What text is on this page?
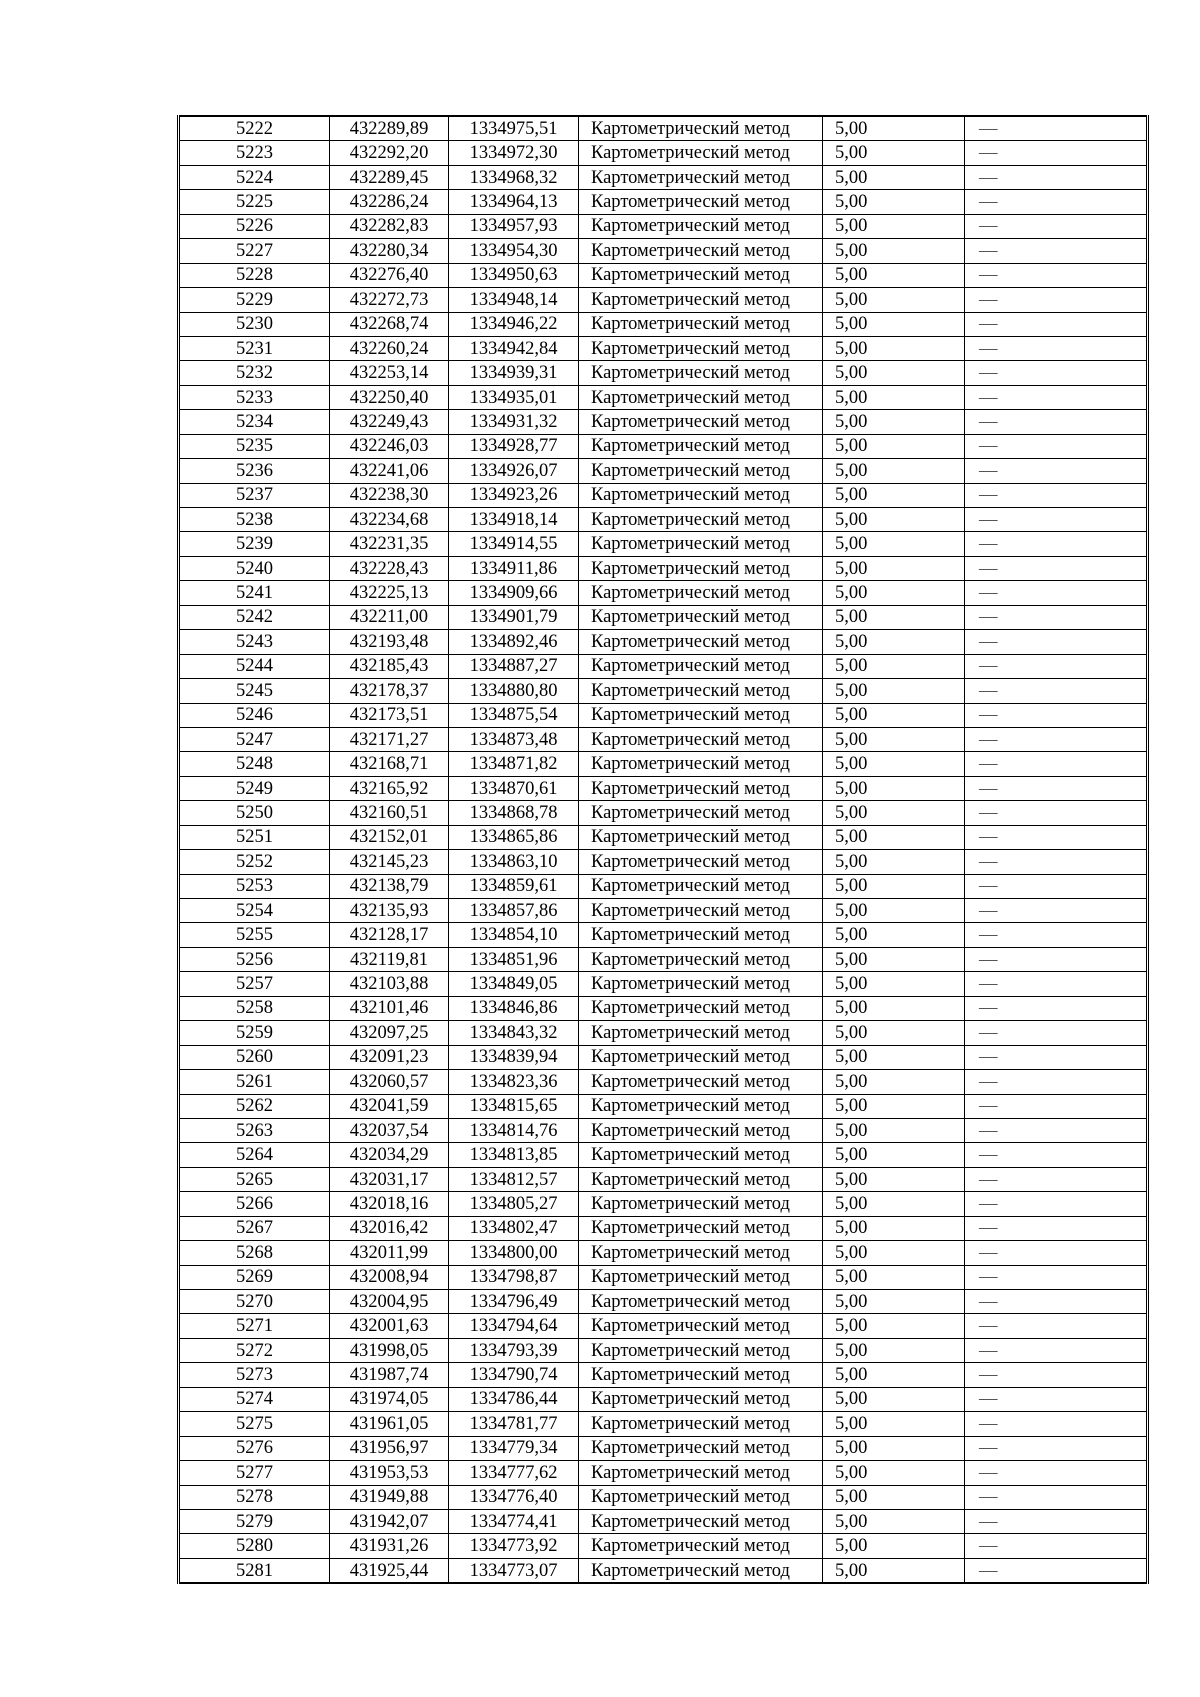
5222	432289,89	1334975,51	Картометрический метод	5,00	—
5223	432292,20	1334972,30	Картометрический метод	5,00	—
5224	432289,45	1334968,32	Картометрический метод	5,00	—
5225	432286,24	1334964,13	Картометрический метод	5,00	—
5226	432282,83	1334957,93	Картометрический метод	5,00	—
5227	432280,34	1334954,30	Картометрический метод	5,00	—
5228	432276,40	1334950,63	Картометрический метод	5,00	—
5229	432272,73	1334948,14	Картометрический метод	5,00	—
5230	432268,74	1334946,22	Картометрический метод	5,00	—
5231	432260,24	1334942,84	Картометрический метод	5,00	—
5232	432253,14	1334939,31	Картометрический метод	5,00	—
5233	432250,40	1334935,01	Картометрический метод	5,00	—
5234	432249,43	1334931,32	Картометрический метод	5,00	—
5235	432246,03	1334928,77	Картометрический метод	5,00	—
5236	432241,06	1334926,07	Картометрический метод	5,00	—
5237	432238,30	1334923,26	Картометрический метод	5,00	—
5238	432234,68	1334918,14	Картометрический метод	5,00	—
5239	432231,35	1334914,55	Картометрический метод	5,00	—
5240	432228,43	1334911,86	Картометрический метод	5,00	—
5241	432225,13	1334909,66	Картометрический метод	5,00	—
5242	432211,00	1334901,79	Картометрический метод	5,00	—
5243	432193,48	1334892,46	Картометрический метод	5,00	—
5244	432185,43	1334887,27	Картометрический метод	5,00	—
5245	432178,37	1334880,80	Картометрический метод	5,00	—
5246	432173,51	1334875,54	Картометрический метод	5,00	—
5247	432171,27	1334873,48	Картометрический метод	5,00	—
5248	432168,71	1334871,82	Картометрический метод	5,00	—
5249	432165,92	1334870,61	Картометрический метод	5,00	—
5250	432160,51	1334868,78	Картометрический метод	5,00	—
5251	432152,01	1334865,86	Картометрический метод	5,00	—
5252	432145,23	1334863,10	Картометрический метод	5,00	—
5253	432138,79	1334859,61	Картометрический метод	5,00	—
5254	432135,93	1334857,86	Картометрический метод	5,00	—
5255	432128,17	1334854,10	Картометрический метод	5,00	—
5256	432119,81	1334851,96	Картометрический метод	5,00	—
5257	432103,88	1334849,05	Картометрический метод	5,00	—
5258	432101,46	1334846,86	Картометрический метод	5,00	—
5259	432097,25	1334843,32	Картометрический метод	5,00	—
5260	432091,23	1334839,94	Картометрический метод	5,00	—
5261	432060,57	1334823,36	Картометрический метод	5,00	—
5262	432041,59	1334815,65	Картометрический метод	5,00	—
5263	432037,54	1334814,76	Картометрический метод	5,00	—
5264	432034,29	1334813,85	Картометрический метод	5,00	—
5265	432031,17	1334812,57	Картометрический метод	5,00	—
5266	432018,16	1334805,27	Картометрический метод	5,00	—
5267	432016,42	1334802,47	Картометрический метод	5,00	—
5268	432011,99	1334800,00	Картометрический метод	5,00	—
5269	432008,94	1334798,87	Картометрический метод	5,00	—
5270	432004,95	1334796,49	Картометрический метод	5,00	—
5271	432001,63	1334794,64	Картометрический метод	5,00	—
5272	431998,05	1334793,39	Картометрический метод	5,00	—
5273	431987,74	1334790,74	Картометрический метод	5,00	—
5274	431974,05	1334786,44	Картометрический метод	5,00	—
5275	431961,05	1334781,77	Картометрический метод	5,00	—
5276	431956,97	1334779,34	Картометрический метод	5,00	—
5277	431953,53	1334777,62	Картометрический метод	5,00	—
5278	431949,88	1334776,40	Картометрический метод	5,00	—
5279	431942,07	1334774,41	Картометрический метод	5,00	—
5280	431931,26	1334773,92	Картометрический метод	5,00	—
5281	431925,44	1334773,07	Картометрический метод	5,00	—
